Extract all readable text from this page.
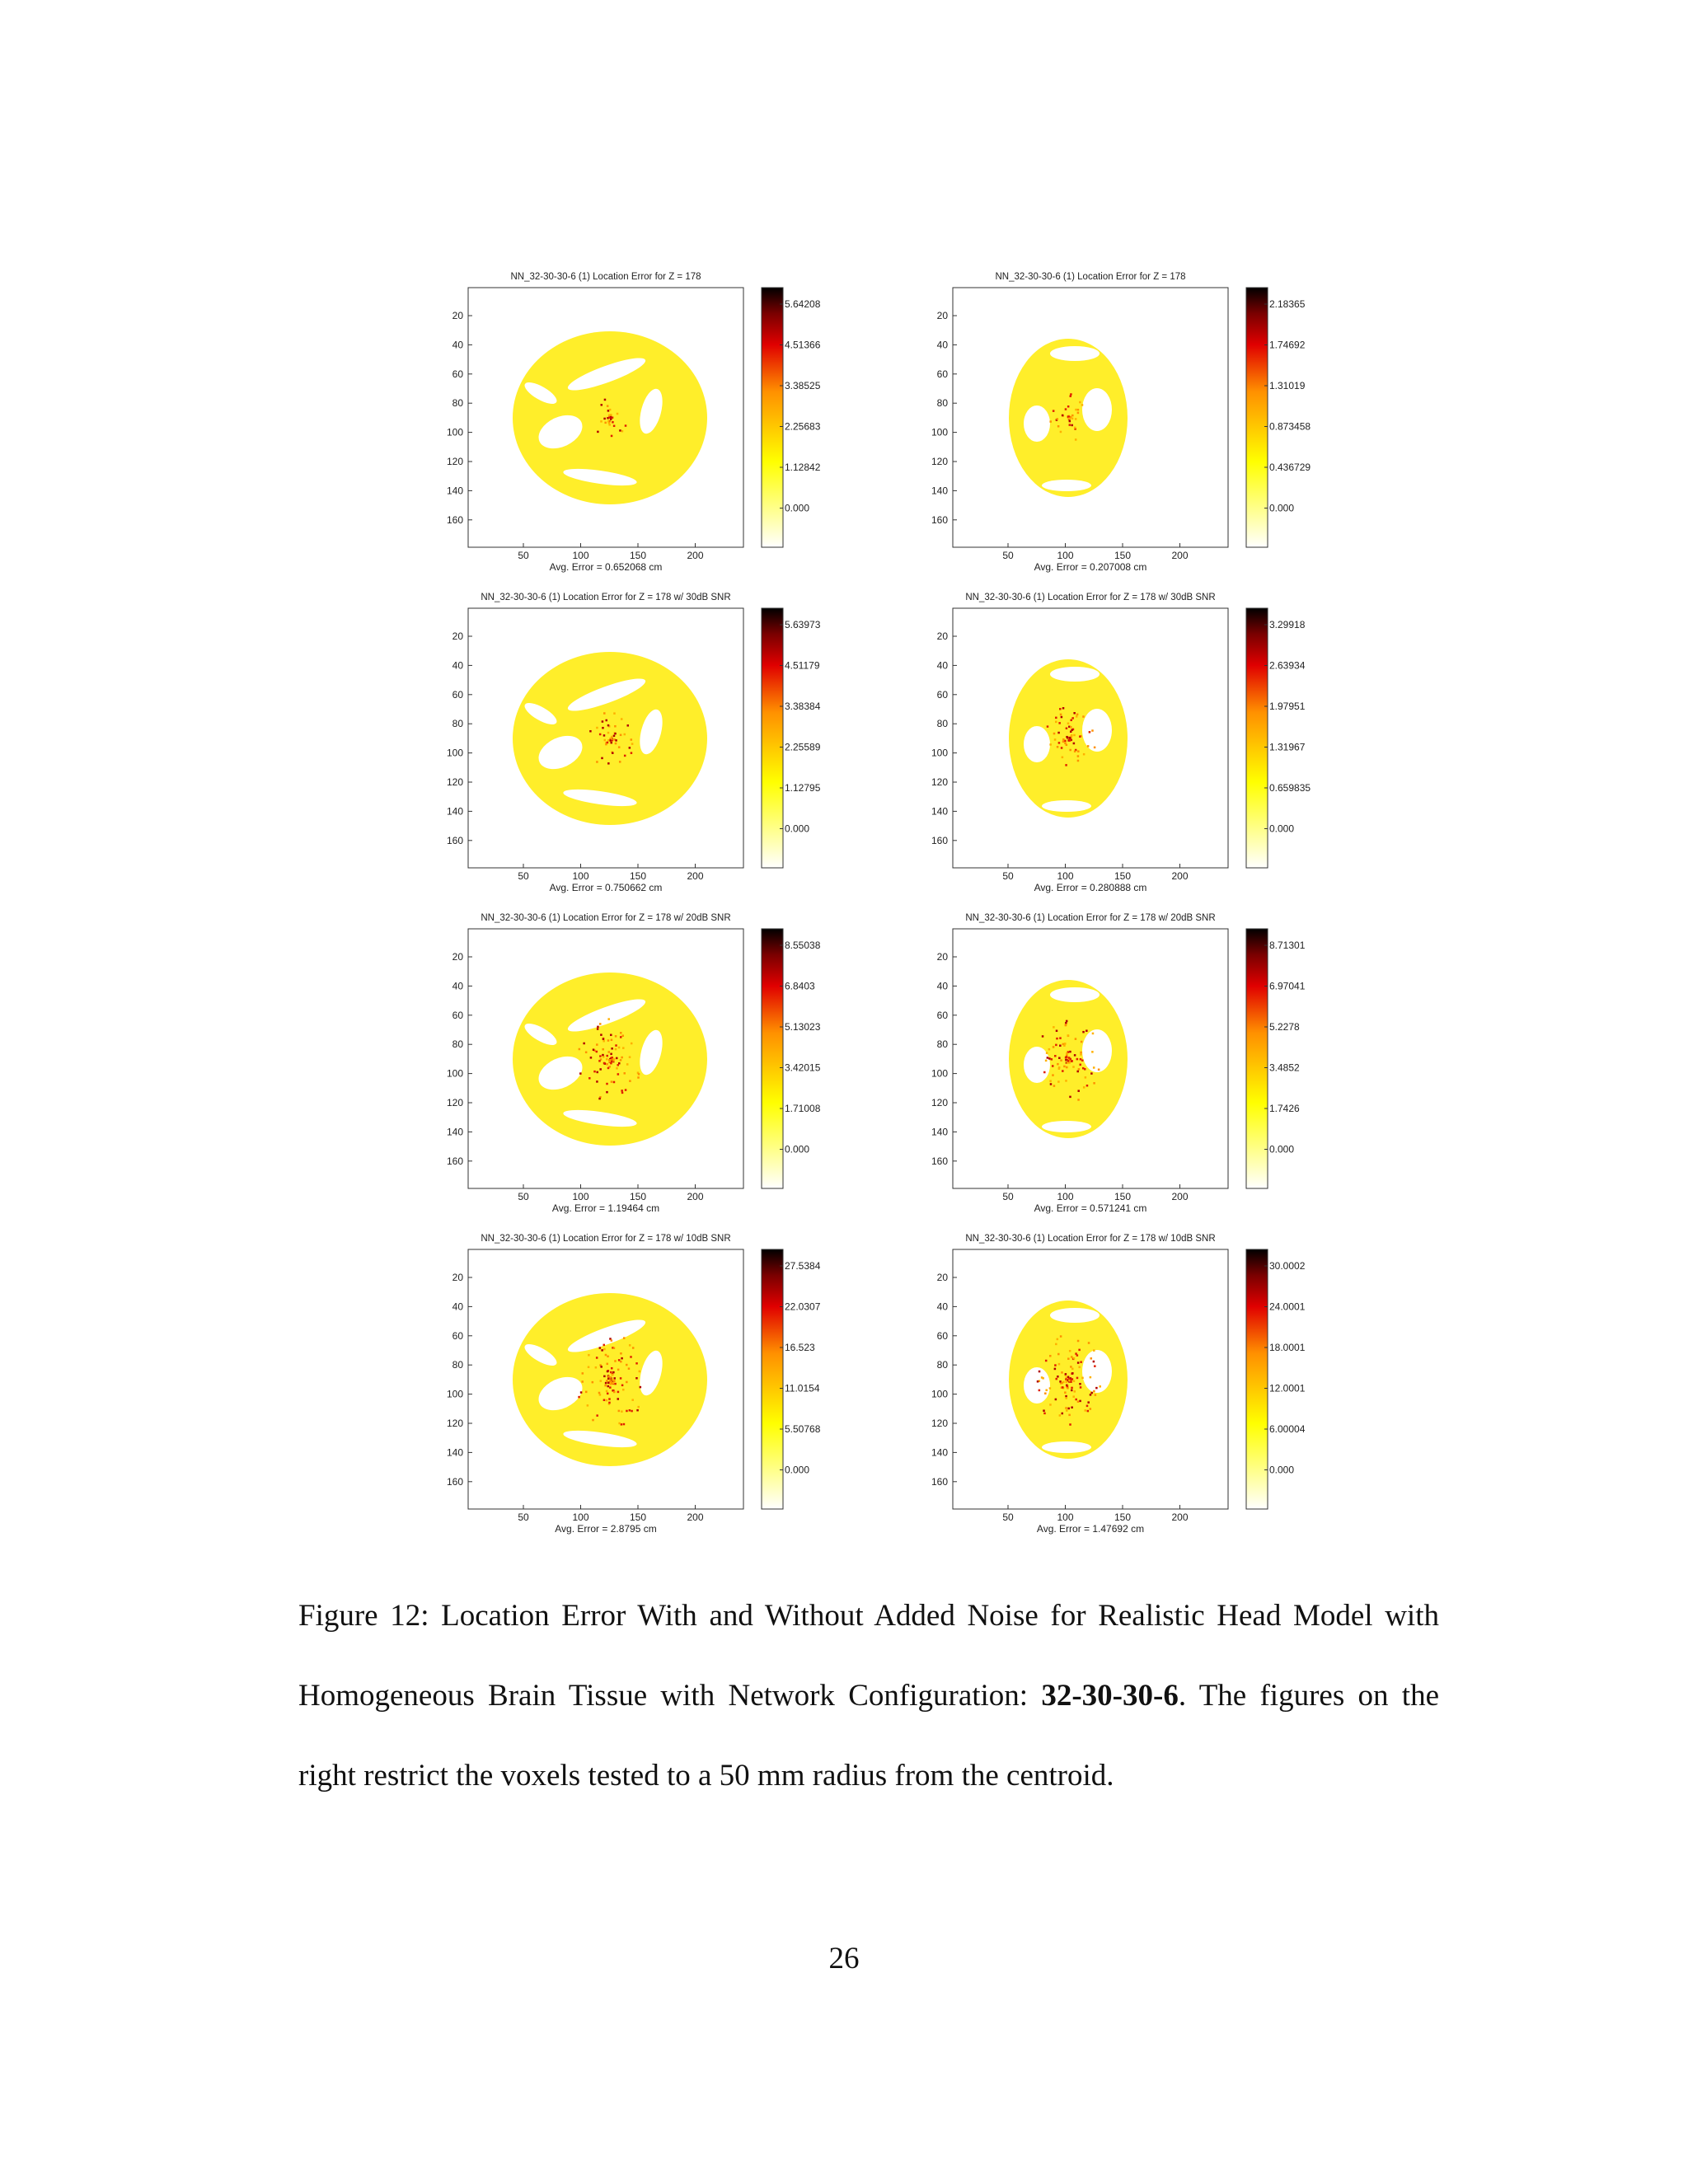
NN_32-30-30-6 (1) Location Error for Z = 178
20
40
60
80
100
120
140
160
50	100	150	200
Avg. Error = 0.652068 cm
5.64208
4.51366
3.38525
2.25683
1.12842
0.000
NN_32-30-30-6 (1) Location Error for Z = 178
20
40
60
80
100
120
140
160
50	100	150	200
Avg. Error = 0.207008 cm
2.18365
1.74692
1.31019
0.873458
0.436729
0.000
NN_32-30-30-6 (1) Location Error for Z = 178 w/ 30dB SNR
20
40
60
80
100
120
140
160
50	100	150	200
Avg. Error = 0.750662 cm
5.63973
4.51179
3.38384
2.25589
1.12795
0.000
NN_32-30-30-6 (1) Location Error for Z = 178 w/ 30dB SNR
20
40
60
80
100
120
140
160
50	100	150	200
Avg. Error = 0.280888 cm
3.29918
2.63934
1.97951
1.31967
0.659835
0.000
NN_32-30-30-6 (1) Location Error for Z = 178 w/ 20dB SNR
20
40
60
80
100
120
140
160
50	100	150	200
Avg. Error = 1.19464 cm
8.55038
6.8403
5.13023
3.42015
1.71008
0.000
NN_32-30-30-6 (1) Location Error for Z = 178 w/ 20dB SNR
20
40
60
80
100
120
140
160
50	100	150	200
Avg. Error = 0.571241 cm
8.71301
6.97041
5.2278
3.4852
1.7426
0.000
NN_32-30-30-6 (1) Location Error for Z = 178 w/ 10dB SNR
20
40
60
80
100
120
140
160
50	100	150	200
Avg. Error = 2.8795 cm
27.5384
22.0307
16.523
11.0154
5.50768
0.000
NN_32-30-30-6 (1) Location Error for Z = 178 w/ 10dB SNR
20
40
60
80
100
120
140
160
50	100	150	200
Avg. Error = 1.47692 cm
30.0002
24.0001
18.0001
12.0001
6.00004
0.000

Figure 12: Location Error With and Without Added Noise for Realistic Head Model with Homogeneous Brain Tissue with Network Configuration: 32-30-30-6. The figures on the right restrict the voxels tested to a 50 mm radius from the centroid.

26
